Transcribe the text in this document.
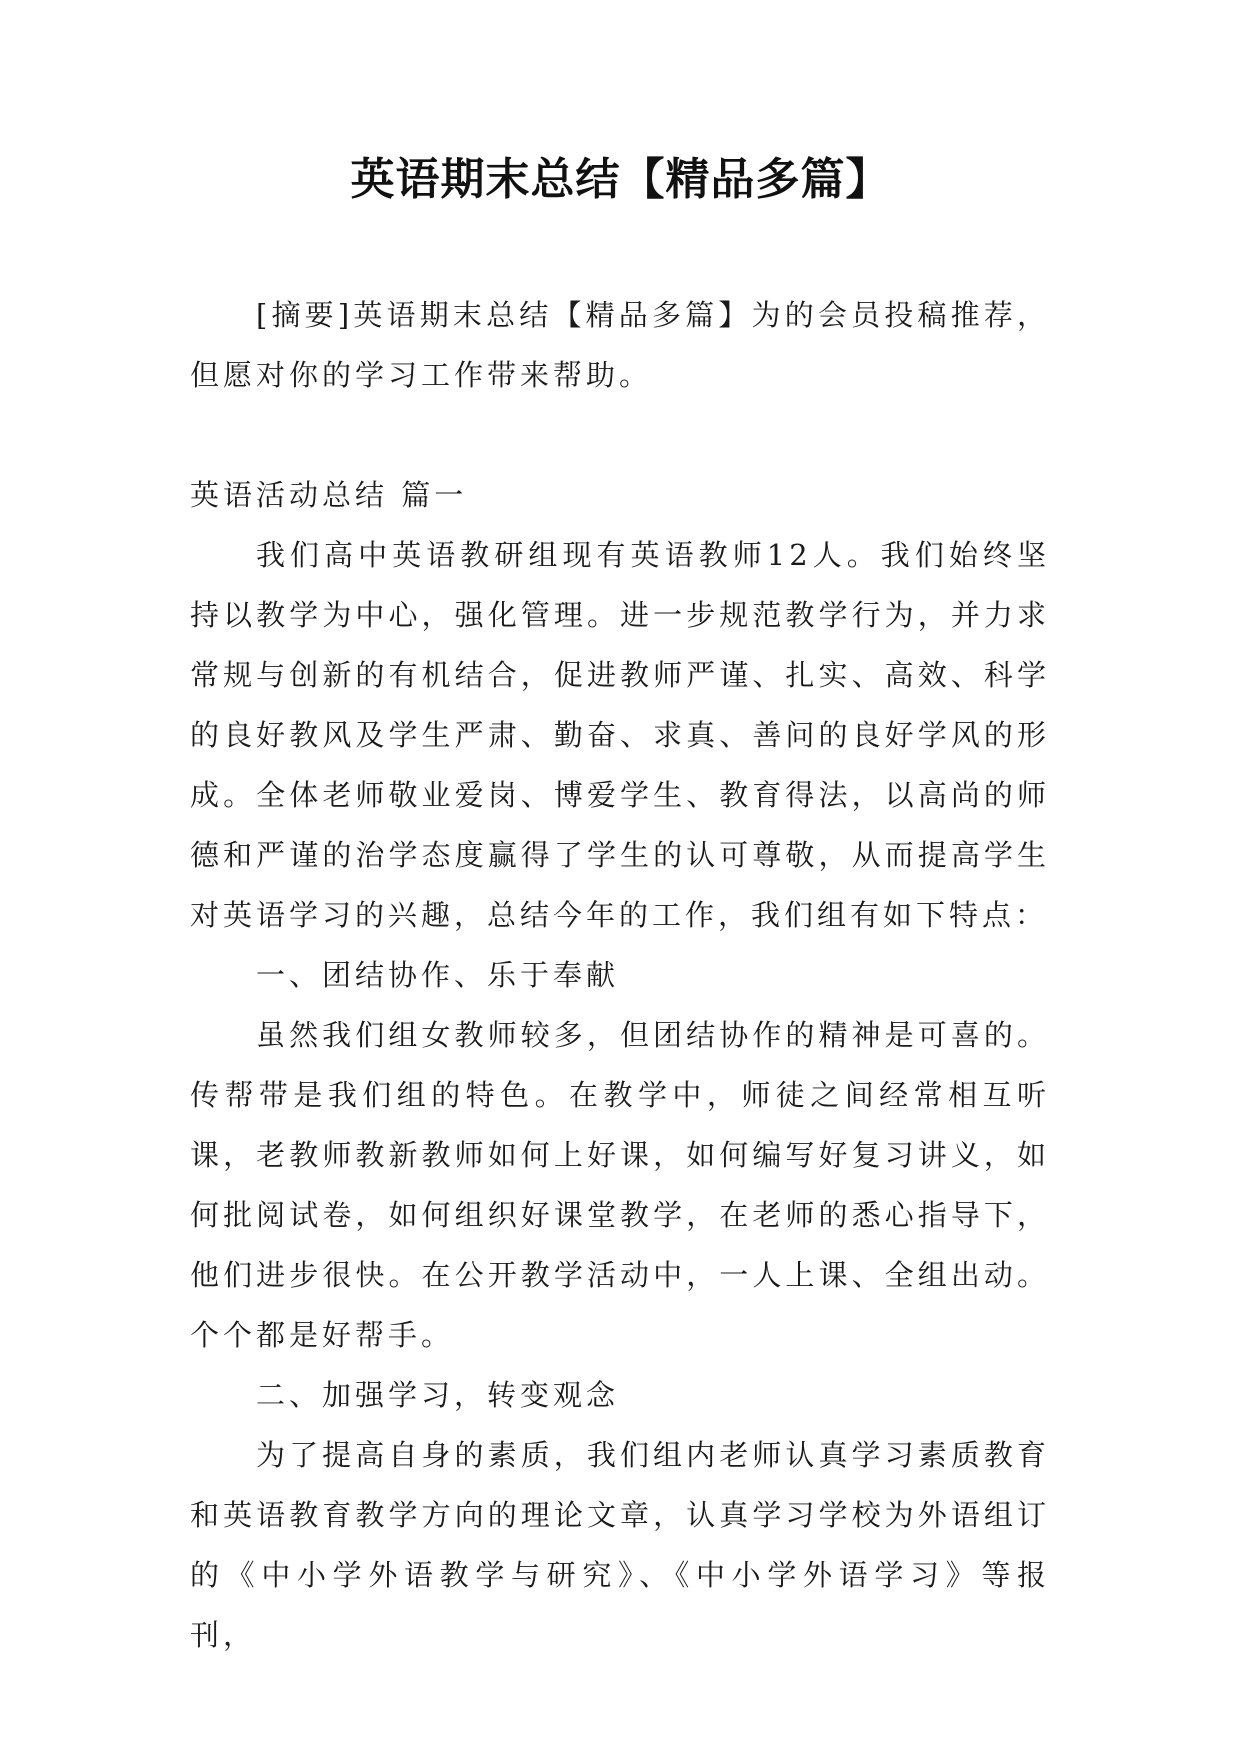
英语期末总结【精品多篇】

[摘要]英语期末总结【精品多篇】为的会员投稿推荐，但愿对你的学习工作带来帮助。

英语活动总结 篇一

我们高中英语教研组现有英语教师12人。我们始终坚持以教学为中心，强化管理。进一步规范教学行为，并力求常规与创新的有机结合，促进教师严谨、扎实、高效、科学的良好教风及学生严肃、勤奋、求真、善问的良好学风的形成。全体老师敬业爱岗、博爱学生、教育得法，以高尚的师德和严谨的治学态度赢得了学生的认可尊敬，从而提高学生对英语学习的兴趣，总结今年的工作，我们组有如下特点：

一、团结协作、乐于奉献

虽然我们组女教师较多，但团结协作的精神是可喜的。传帮带是我们组的特色。在教学中，师徒之间经常相互听课，老教师教新教师如何上好课，如何编写好复习讲义，如何批阅试卷，如何组织好课堂教学，在老师的悉心指导下，他们进步很快。在公开教学活动中，一人上课、全组出动。个个都是好帮手。

二、加强学习，转变观念

为了提高自身的素质，我们组内老师认真学习素质教育和英语教育教学方向的理论文章，认真学习学校为外语组订的《中小学外语教学与研究》、《中小学外语学习》等报刊，
